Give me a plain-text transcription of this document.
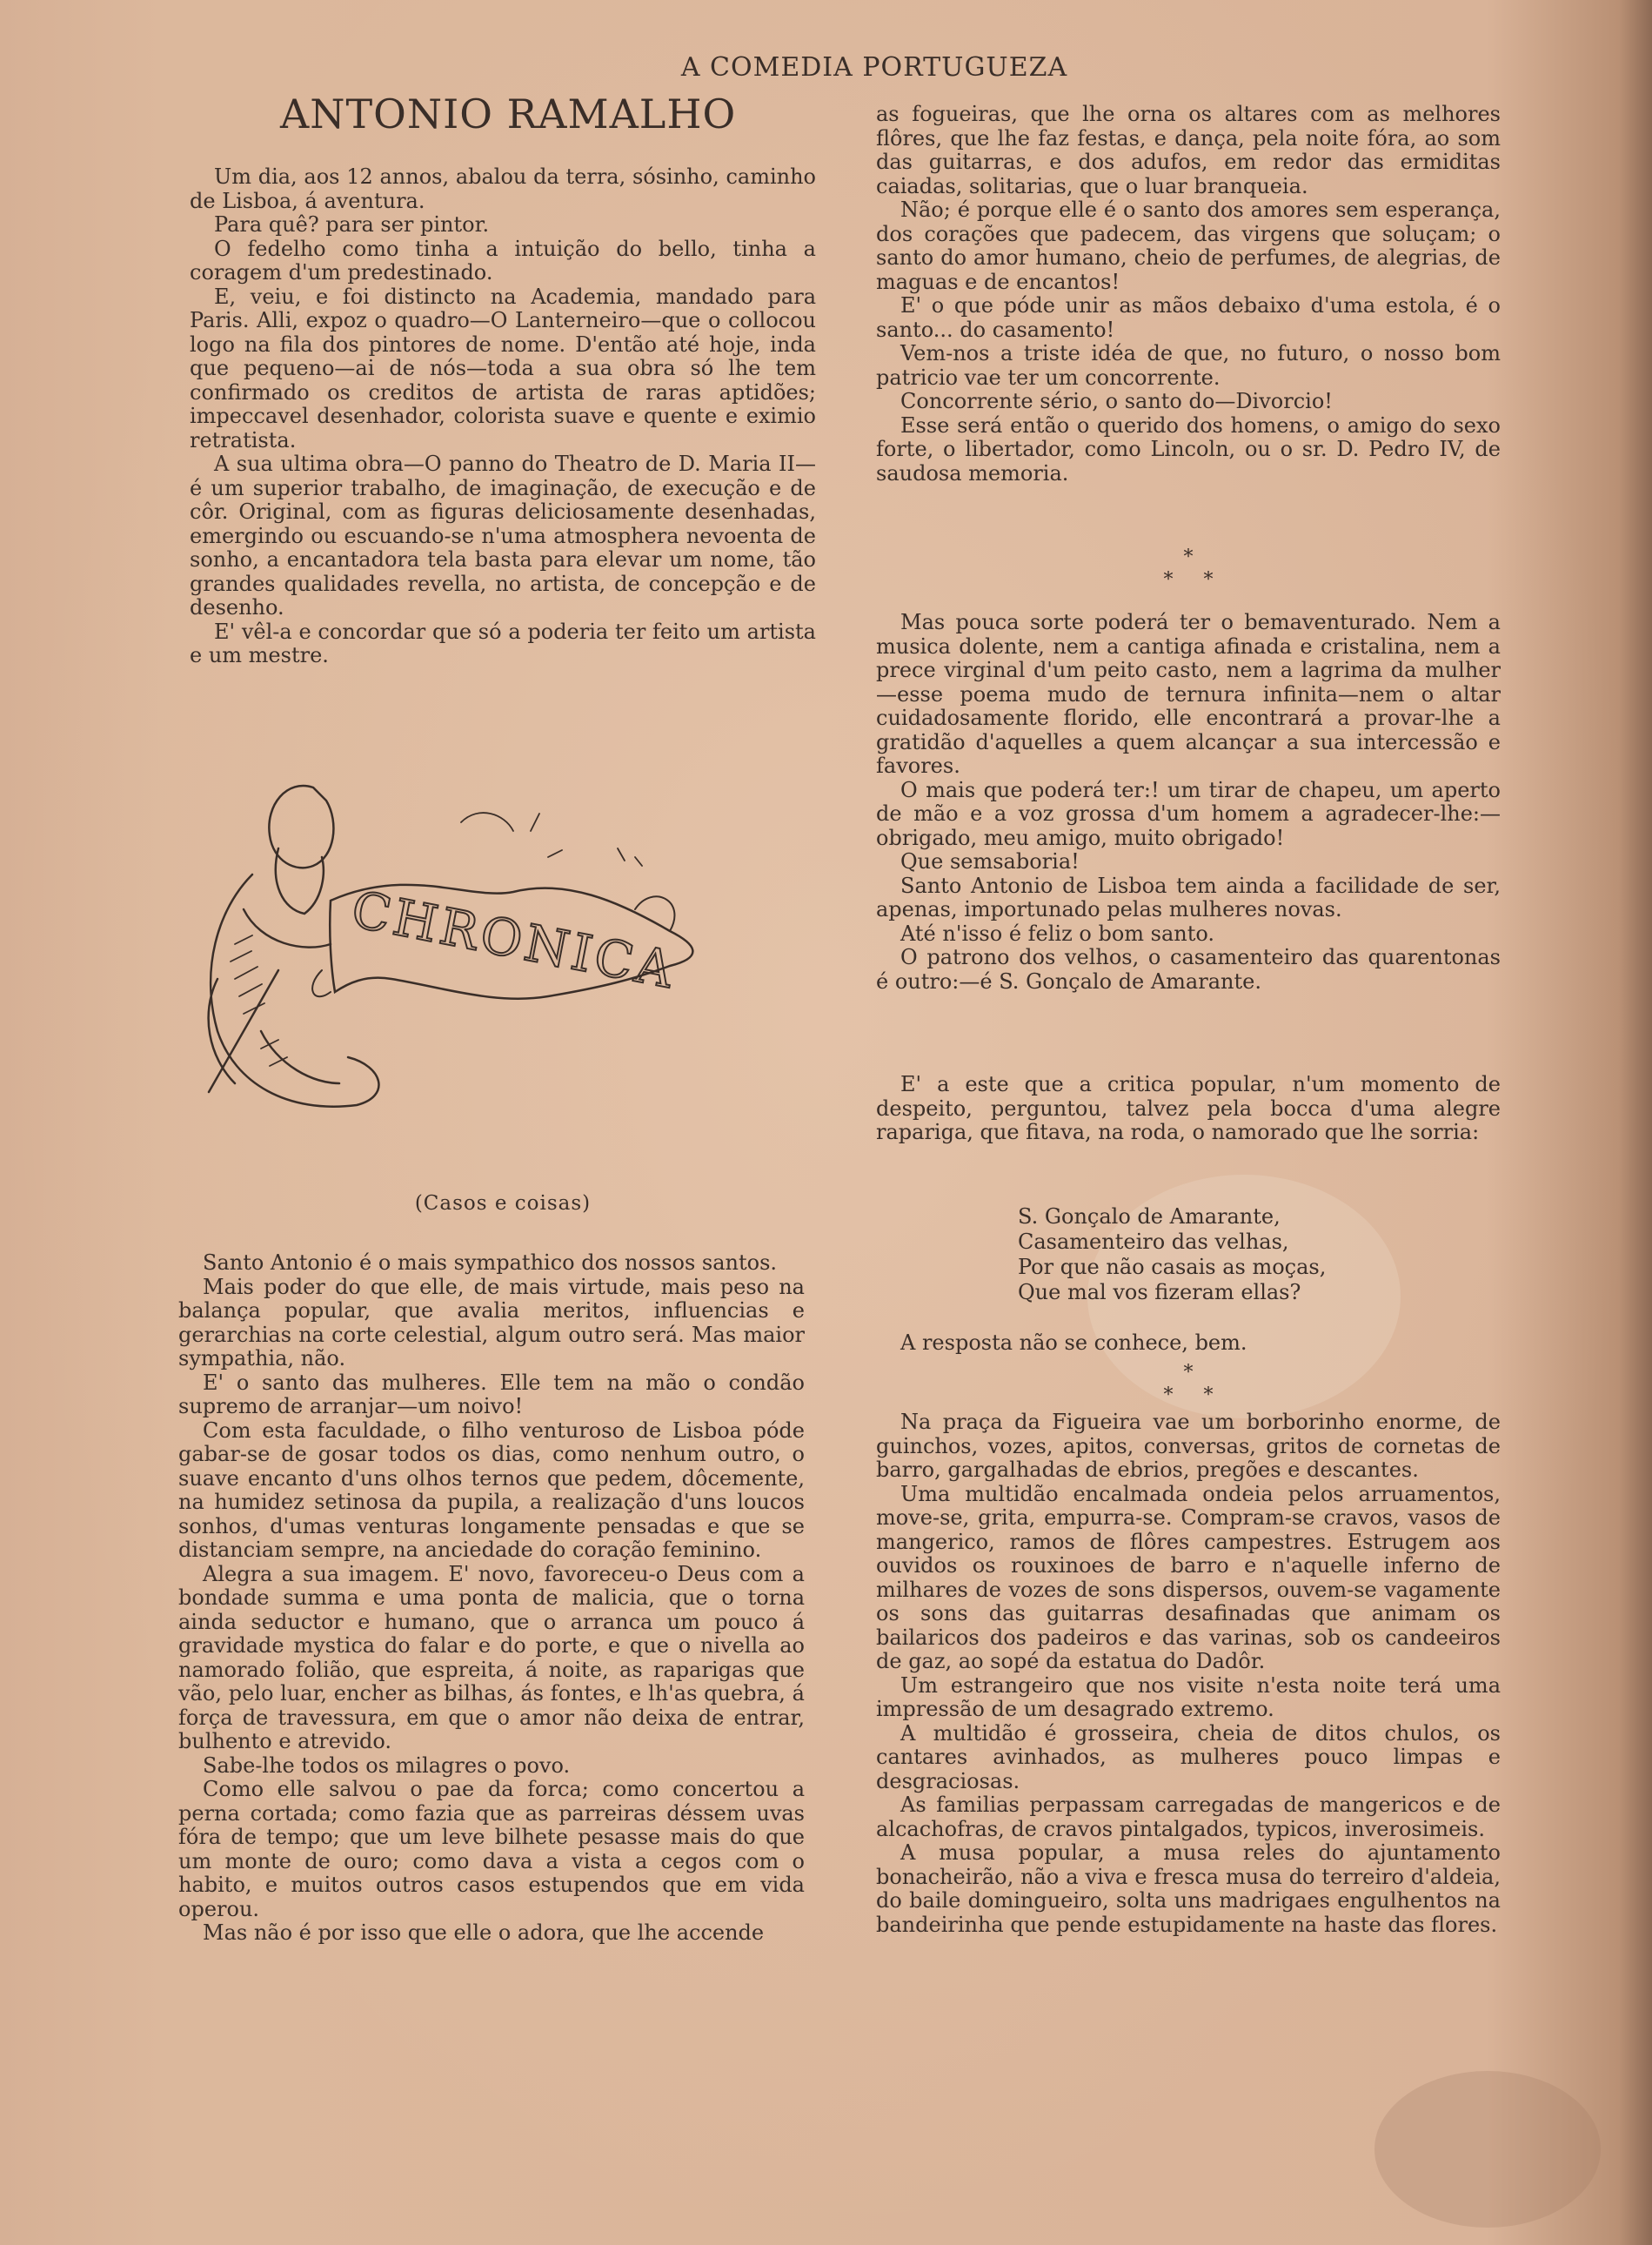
A COMEDIA PORTUGUEZA
ANTONIO RAMALHO

Um dia, aos 12 annos, abalou da terra, sósinho, caminho de Lisboa, á aventura.

Para quê? para ser pintor.

O fedelho como tinha a intuição do bello, tinha a coragem d'um predestinado.

E, veiu, e foi distincto na Academia, mandado para Paris. Alli, expoz o quadro—O Lanterneiro—que o collocou logo na fila dos pintores de nome. D'então até hoje, inda que pequeno—ai de nós—toda a sua obra só lhe tem confirmado os creditos de artista de raras aptidões; impeccavel desenhador, colorista suave e quente e eximio retratista.

A sua ultima obra—O panno do Theatro de D. Maria II—é um superior trabalho, de imaginação, de execução e de côr. Original, com as figuras deliciosamente desenhadas, emergindo ou escuando-se n'uma atmosphera nevoenta de sonho, a encantadora tela basta para elevar um nome, tão grandes qualidades revella, no artista, de concepção e de desenho.

E' vêl-a e concordar que só a poderia ter feito um artista e um mestre.

CHRONICA
(Casos e coisas)

Santo Antonio é o mais sympathico dos nossos santos.

Mais poder do que elle, de mais virtude, mais peso na balança popular, que avalia meritos, influencias e gerarchias na corte celestial, algum outro será. Mas maior sympathia, não.

E' o santo das mulheres. Elle tem na mão o condão supremo de arranjar—um noivo!

Com esta faculdade, o filho venturoso de Lisboa póde gabar-se de gosar todos os dias, como nenhum outro, o suave encanto d'uns olhos ternos que pedem, dôcemente, na humidez setinosa da pupila, a realização d'uns loucos sonhos, d'umas venturas longamente pensadas e que se distanciam sempre, na anciedade do coração feminino.

Alegra a sua imagem. E' novo, favoreceu-o Deus com a bondade summa e uma ponta de malicia, que o torna ainda seductor e humano, que o arranca um pouco á gravidade mystica do falar e do porte, e que o nivella ao namorado folião, que espreita, á noite, as raparigas que vão, pelo luar, encher as bilhas, ás fontes, e lh'as quebra, á força de travessura, em que o amor não deixa de entrar, bulhento e atrevido.

Sabe-lhe todos os milagres o povo.

Como elle salvou o pae da forca; como concertou a perna cortada; como fazia que as parreiras déssem uvas fóra de tempo; que um leve bilhete pesasse mais do que um monte de ouro; como dava a vista a cegos com o habito, e muitos outros casos estupendos que em vida operou.

Mas não é por isso que elle o adora, que lhe accende

as fogueiras, que lhe orna os altares com as melhores flôres, que lhe faz festas, e dança, pela noite fóra, ao som das guitarras, e dos adufos, em redor das ermiditas caiadas, solitarias, que o luar branqueia.

Não; é porque elle é o santo dos amores sem esperança, dos corações que padecem, das virgens que soluçam; o santo do amor humano, cheio de perfumes, de alegrias, de maguas e de encantos!

E' o que póde unir as mãos debaixo d'uma estola, é o santo... do casamento!

Vem-nos a triste idéa de que, no futuro, o nosso bom patricio vae ter um concorrente.

Concorrente sério, o santo do—Divorcio!

Esse será então o querido dos homens, o amigo do sexo forte, o libertador, como Lincoln, ou o sr. D. Pedro IV, de saudosa memoria.

*
*     *

Mas pouca sorte poderá ter o bemaventurado. Nem a musica dolente, nem a cantiga afinada e cristalina, nem a prece virginal d'um peito casto, nem a lagrima da mulher—esse poema mudo de ternura infinita—nem o altar cuidadosamente florido, elle encontrará a provar-lhe a gratidão d'aquelles a quem alcançar a sua intercessão e favores.

O mais que poderá ter:! um tirar de chapeu, um aperto de mão e a voz grossa d'um homem a agradecer-lhe:—obrigado, meu amigo, muito obrigado!

Que semsaboria!

Santo Antonio de Lisboa tem ainda a facilidade de ser, apenas, importunado pelas mulheres novas.

Até n'isso é feliz o bom santo.

O patrono dos velhos, o casamenteiro das quarentonas é outro:—é S. Gonçalo de Amarante.

E' a este que a critica popular, n'um momento de despeito, perguntou, talvez pela bocca d'uma alegre rapariga, que fitava, na roda, o namorado que lhe sorria:

S. Gonçalo de Amarante,
Casamenteiro das velhas,
Por que não casais as moças,
Que mal vos fizeram ellas?

A resposta não se conhece, bem.

*
*     *

Na praça da Figueira vae um borborinho enorme, de guinchos, vozes, apitos, conversas, gritos de cornetas de barro, gargalhadas de ebrios, pregões e descantes.

Uma multidão encalmada ondeia pelos arruamentos, move-se, grita, empurra-se. Compram-se cravos, vasos de mangerico, ramos de flôres campestres. Estrugem aos ouvidos os rouxinoes de barro e n'aquelle inferno de milhares de vozes de sons dispersos, ouvem-se vagamente os sons das guitarras desafinadas que animam os bailaricos dos padeiros e das varinas, sob os candeeiros de gaz, ao sopé da estatua do Dadôr.

Um estrangeiro que nos visite n'esta noite terá uma impressão de um desagrado extremo.

A multidão é grosseira, cheia de ditos chulos, os cantares avinhados, as mulheres pouco limpas e desgraciosas.

As familias perpassam carregadas de mangericos e de alcachofras, de cravos pintalgados, typicos, inverosimeis.

A musa popular, a musa reles do ajuntamento bonacheirão, não a viva e fresca musa do terreiro d'aldeia, do baile domingueiro, solta uns madrigaes engulhentos na bandeirinha que pende estupidamente na haste das flores.
